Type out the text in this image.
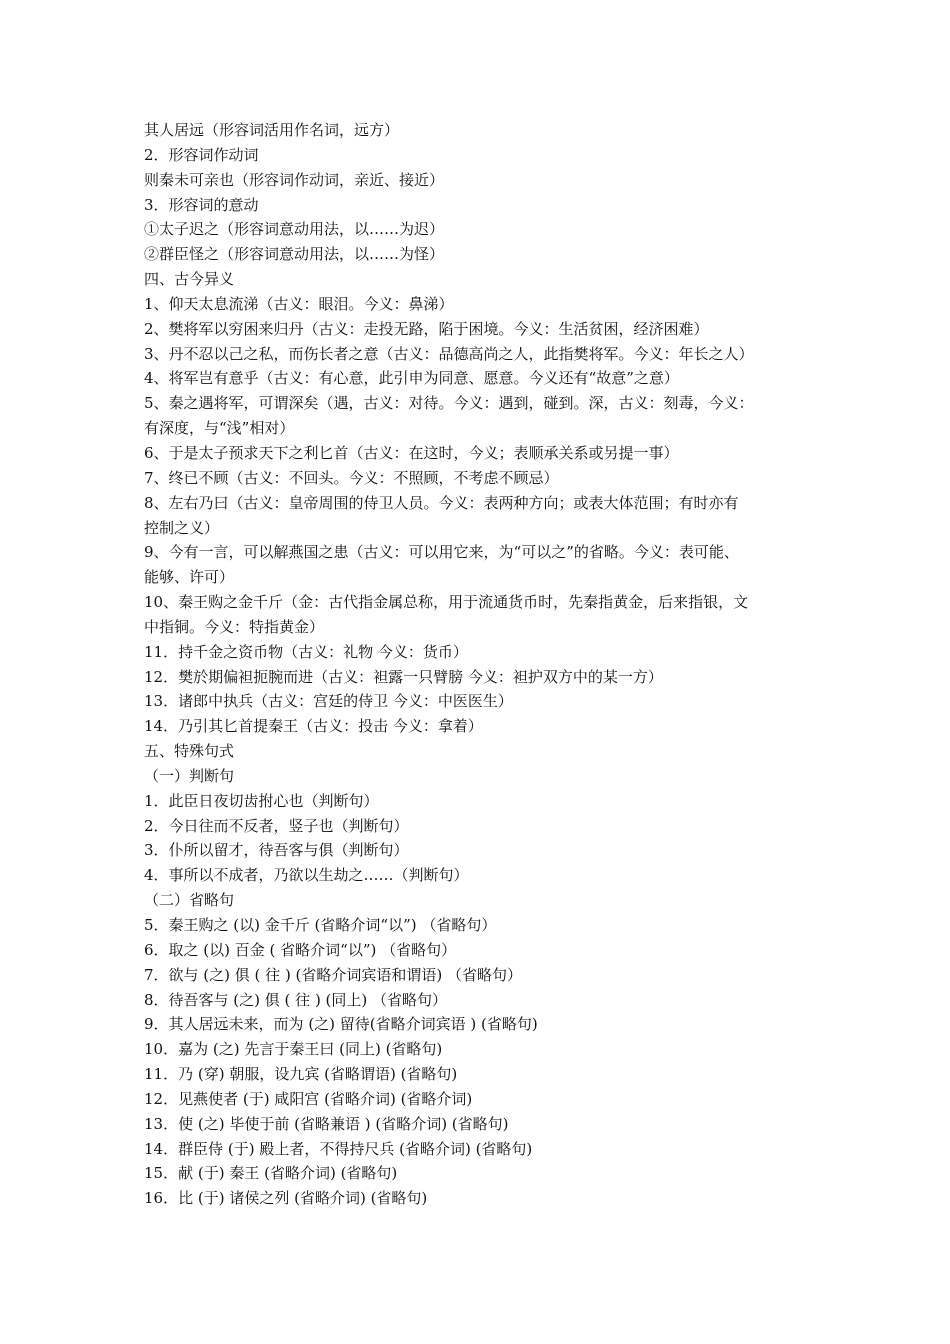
其人居远（形容词活用作名词，远方）
2．形容词作动词
则秦未可亲也（形容词作动词，亲近、接近）
3．形容词的意动
①太子迟之（形容词意动用法，以……为迟）
②群臣怪之（形容词意动用法，以……为怪）
四、古今异义
1、仰天太息流涕（古义：眼泪。今义：鼻涕）
2、樊将军以穷困来归丹（古义：走投无路，陷于困境。今义：生活贫困，经济困难）
3、丹不忍以己之私，而伤长者之意（古义：品德高尚之人，此指樊将军。今义：年长之人）
4、将军岂有意乎（古义：有心意，此引申为同意、愿意。今义还有“故意”之意）
5、秦之遇将军，可谓深矣（遇，古义：对待。今义：遇到，碰到。深，古义：刻毒，今义：
有深度，与“浅”相对）
6、于是太子预求天下之利匕首（古义：在这时，今义；表顺承关系或另提一事）
7、终已不顾（古义：不回头。今义：不照顾，不考虑不顾忌）
8、左右乃曰（古义：皇帝周围的侍卫人员。今义：表两种方向；或表大体范围；有时亦有
控制之义）
9、今有一言，可以解燕国之患（古义：可以用它来，为“可以之”的省略。今义：表可能、
能够、许可）
10、秦王购之金千斤（金：古代指金属总称，用于流通货币时，先秦指黄金，后来指银，文
中指铜。今义：特指黄金）
11．持千金之资币物（古义：礼物 今义：货币）
12．樊於期偏袒扼腕而进（古义：袒露一只臂膀 今义：袒护双方中的某一方）
13．诸郎中执兵（古义：宫廷的侍卫 今义：中医医生）
14．乃引其匕首提秦王（古义：投击 今义：拿着）
五、特殊句式
（一）判断句
1．此臣日夜切齿拊心也（判断句）
2．今日往而不反者，竖子也（判断句）
3．仆所以留才，待吾客与俱（判断句）
4．事所以不成者，乃欲以生劫之……（判断句）
（二）省略句
5．秦王购之 (以) 金千斤 (省略介词“以”) （省略句）
6．取之 (以) 百金 ( 省略介词“以”) （省略句）
7．欲与 (之) 俱 ( 往 ) (省略介词宾语和谓语) （省略句）
8．待吾客与 (之) 俱 ( 往 ) (同上) （省略句）
9．其人居远未来，而为 (之) 留待(省略介词宾语 ) (省略句)
10．嘉为 (之) 先言于秦王曰 (同上) (省略句)
11．乃 (穿) 朝服，设九宾 (省略谓语) (省略句)
12．见燕使者 (于) 咸阳宫 (省略介词) (省略介词)
13．使 (之) 毕使于前 (省略兼语 ) (省略介词) (省略句)
14．群臣侍 (于) 殿上者，不得持尺兵 (省略介词) (省略句)
15．献 (于) 秦王 (省略介词) (省略句)
16．比 (于) 诸侯之列 (省略介词) (省略句)
